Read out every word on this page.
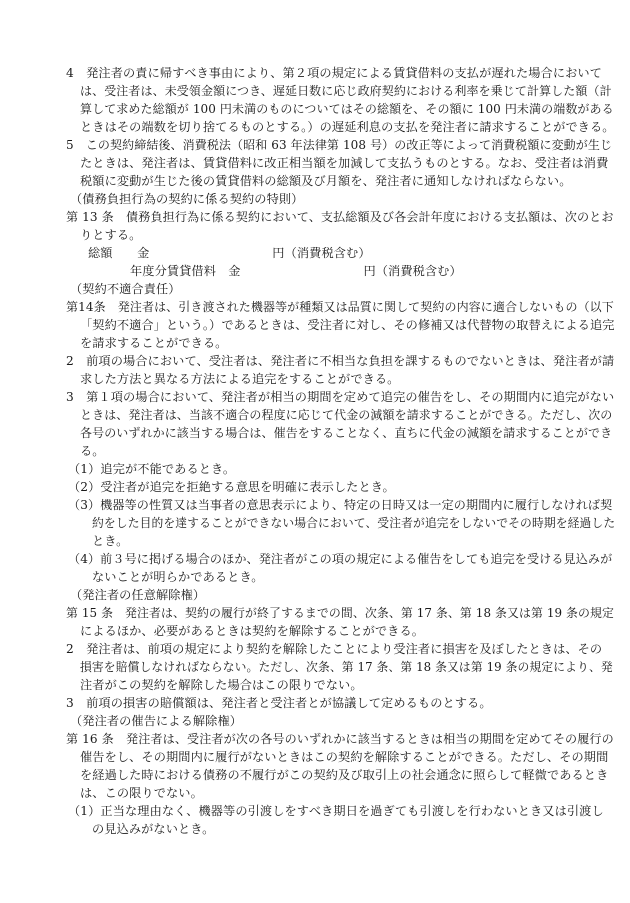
4　発注者の責に帰すべき事由により、第２項の規定による賃貸借料の支払が遅れた場合において
は、受注者は、未受領金額につき、遅延日数に応じ政府契約における利率を乗じて計算した額（計
算して求めた総額が 100 円未満のものについてはその総額を、その額に 100 円未満の端数がある
ときはその端数を切り捨てるものとする。）の遅延利息の支払を発注者に請求することができる。
5　この契約締結後、消費税法（昭和 63 年法律第 108 号）の改正等によって消費税額に変動が生じ
たときは、発注者は、賃貸借料に改正相当額を加減して支払うものとする。なお、受注者は消費
税額に変動が生じた後の賃貸借料の総額及び月額を、発注者に通知しなければならない。
（債務負担行為の契約に係る契約の特則）
第 13 条　債務負担行為に係る契約において、支払総額及び各会計年度における支払額は、次のとお
りとする。
総額　　金　　　　　　　　　　円（消費税含む）
年度分賃貸借料　金　　　　　　　　　　円（消費税含む）
（契約不適合責任）
第14条　発注者は、引き渡された機器等が種類又は品質に関して契約の内容に適合しないもの（以下
「契約不適合」という。）であるときは、受注者に対し、その修補又は代替物の取替えによる追完
を請求することができる。
2　前項の場合において、受注者は、発注者に不相当な負担を課するものでないときは、発注者が請
求した方法と異なる方法による追完をすることができる。
3　第１項の場合において、発注者が相当の期間を定めて追完の催告をし、その期間内に追完がない
ときは、発注者は、当該不適合の程度に応じて代金の減額を請求することができる。ただし、次の
各号のいずれかに該当する場合は、催告をすることなく、直ちに代金の減額を請求することができ
る。
（1）追完が不能であるとき。
（2）受注者が追完を拒絶する意思を明確に表示したとき。
（3）機器等の性質又は当事者の意思表示により、特定の日時又は一定の期間内に履行しなければ契
約をした目的を達することができない場合において、受注者が追完をしないでその時期を経過した
とき。
（4）前３号に掲げる場合のほか、発注者がこの項の規定による催告をしても追完を受ける見込みが
ないことが明らかであるとき。
（発注者の任意解除権）
第 15 条　発注者は、契約の履行が終了するまでの間、次条、第 17 条、第 18 条又は第 19 条の規定
によるほか、必要があるときは契約を解除することができる。
2　発注者は、前項の規定により契約を解除したことにより受注者に損害を及ぼしたときは、その
損害を賠償しなければならない。ただし、次条、第 17 条、第 18 条又は第 19 条の規定により、発
注者がこの契約を解除した場合はこの限りでない。
3　前項の損害の賠償額は、発注者と受注者とが協議して定めるものとする。
（発注者の催告による解除権）
第 16 条　発注者は、受注者が次の各号のいずれかに該当するときは相当の期間を定めてその履行の
催告をし、その期間内に履行がないときはこの契約を解除することができる。ただし、その期間
を経過した時における債務の不履行がこの契約及び取引上の社会通念に照らして軽微であるとき
は、この限りでない。
（1）正当な理由なく、機器等の引渡しをすべき期日を過ぎても引渡しを行わないとき又は引渡し
の見込みがないとき。
